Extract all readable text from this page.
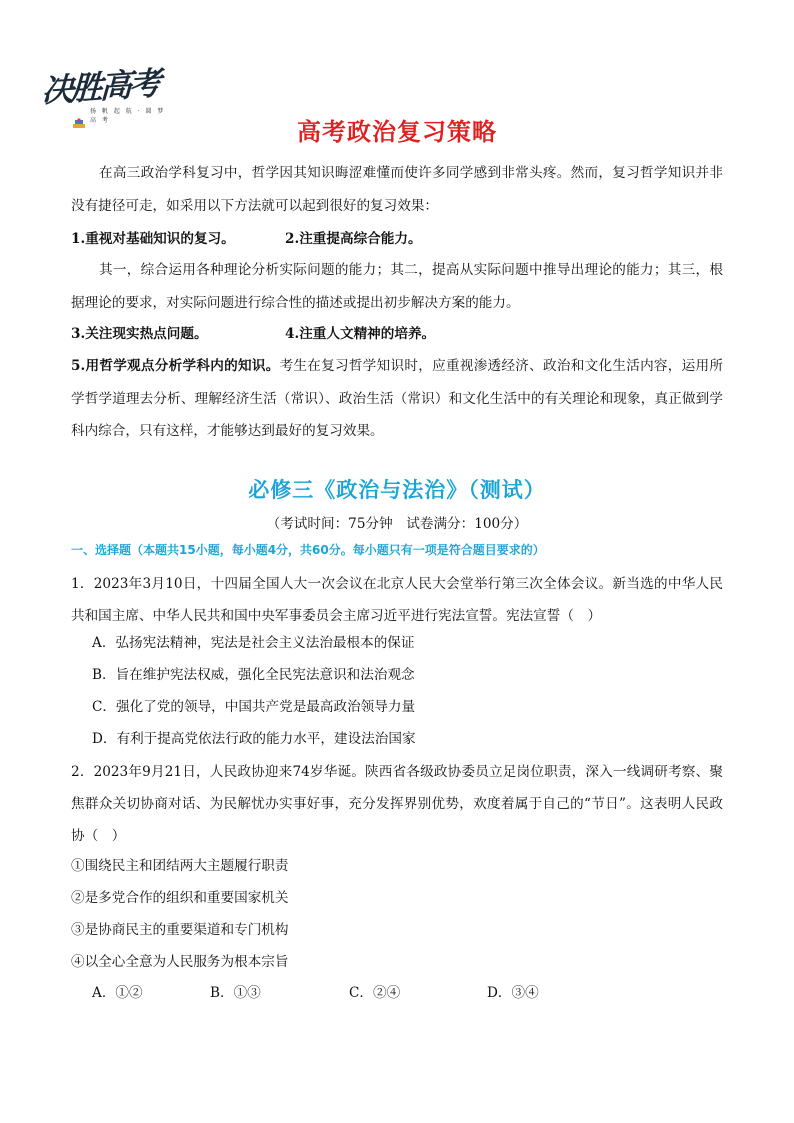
决胜高考
扬 帆 起 航 · 圆 梦 高 考	高考政治复习策略
在高三政治学科复习中，哲学因其知识晦涩难懂而使许多同学感到非常头疼。然而，复习哲学知识并非没有捷径可走，如采用以下方法就可以起到很好的复习效果：
1.重视对基础知识的复习。	2.注重提高综合能力。
其一，综合运用各种理论分析实际问题的能力；其二，提高从实际问题中推导出理论的能力；其三，根据理论的要求，对实际问题进行综合性的描述或提出初步解决方案的能力。
3.关注现实热点问题。	4.注重人文精神的培养。
5.用哲学观点分析学科内的知识。考生在复习哲学知识时，应重视渗透经济、政治和文化生活内容，运用所学哲学道理去分析、理解经济生活（常识）、政治生活（常识）和文化生活中的有关理论和现象，真正做到学科内综合，只有这样，才能够达到最好的复习效果。
必修三《政治与法治》（测试）
（考试时间：75分钟　试卷满分：100分）
一、选择题（本题共15小题，每小题4分，共60分。每小题只有一项是符合题目要求的）
1．2023年3月10日，十四届全国人大一次会议在北京人民大会堂举行第三次全体会议。新当选的中华人民共和国主席、中华人民共和国中央军事委员会主席习近平进行宪法宣誓。宪法宣誓（　）
A．弘扬宪法精神，宪法是社会主义法治最根本的保证
B．旨在维护宪法权威，强化全民宪法意识和法治观念
C．强化了党的领导，中国共产党是最高政治领导力量
D．有利于提高党依法行政的能力水平，建设法治国家
2．2023年9月21日，人民政协迎来74岁华诞。陕西省各级政协委员立足岗位职责，深入一线调研考察、聚焦群众关切协商对话、为民解忧办实事好事，充分发挥界别优势，欢度着属于自己的“节日”。这表明人民政协（　）
①围绕民主和团结两大主题履行职责
②是多党合作的组织和重要国家机关
③是协商民主的重要渠道和专门机构
④以全心全意为人民服务为根本宗旨
A．①②	B．①③	C．②④	D．③④
